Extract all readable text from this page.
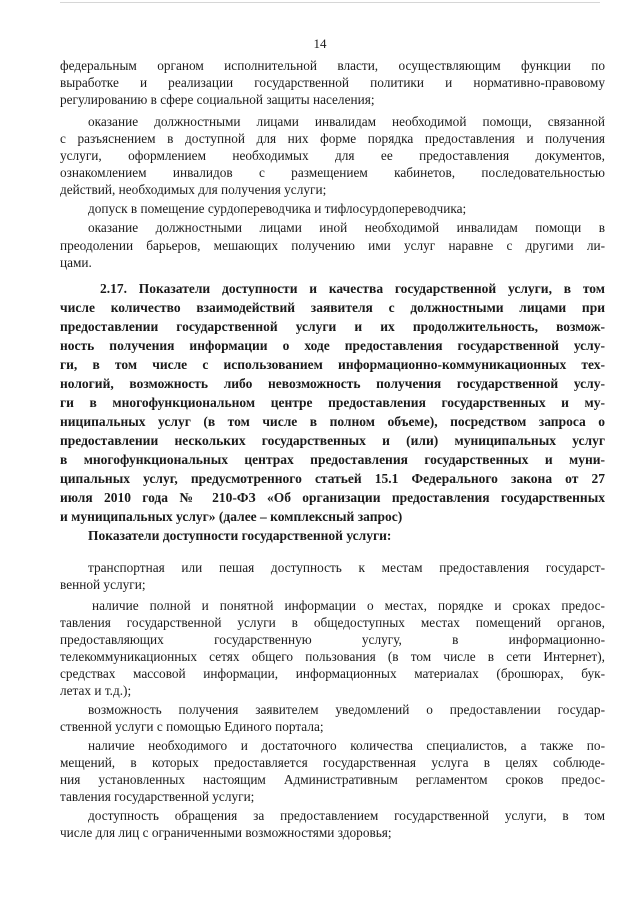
14
федеральным органом исполнительной власти, осуществляющим функции по
выработке и реализации государственной политики и нормативно-правовому
регулированию в сфере социальной защиты населения;
оказание должностными лицами инвалидам необходимой помощи, связанной
с разъяснением в доступной для них форме порядка предоставления и получения
услуги, оформлением необходимых для ее предоставления документов,
ознакомлением инвалидов с размещением кабинетов, последовательностью
действий, необходимых для получения услуги;
допуск в помещение сурдопереводчика и тифлосурдопереводчика;
оказание должностными лицами иной необходимой инвалидам помощи в
преодолении барьеров, мешающих получению ими услуг наравне с другими ли-
цами.
2.17. Показатели доступности и качества государственной услуги, в том
числе количество взаимодействий заявителя с должностными лицами при
предоставлении государственной услуги и их продолжительность, возмож-
ность получения информации о ходе предоставления государственной услу-
ги, в том числе с использованием информационно-коммуникационных тех-
нологий, возможность либо невозможность получения государственной услу-
ги в многофункциональном центре предоставления государственных и му-
ниципальных услуг (в том числе в полном объеме), посредством запроса о
предоставлении нескольких государственных и (или) муниципальных услуг
в многофункциональных центрах предоставления государственных и муни-
ципальных услуг, предусмотренного статьей 15.1 Федерального закона от 27
июля 2010 года № 210-ФЗ «Об организации предоставления государственных
и муниципальных услуг» (далее – комплексный запрос)
Показатели доступности государственной услуги:
транспортная или пешая доступность к местам предоставления государст-
венной услуги;
наличие полной и понятной информации о местах, порядке и сроках предос-
тавления государственной услуги в общедоступных местах помещений органов,
предоставляющих государственную услугу, в информационно-
телекоммуникационных сетях общего пользования (в том числе в сети Интернет),
средствах массовой информации, информационных материалах (брошюрах, бук-
летах и т.д.);
возможность получения заявителем уведомлений о предоставлении государ-
ственной услуги с помощью Единого портала;
наличие необходимого и достаточного количества специалистов, а также по-
мещений, в которых предоставляется государственная услуга в целях соблюде-
ния установленных настоящим Административным регламентом сроков предос-
тавления государственной услуги;
доступность обращения за предоставлением государственной услуги, в том
числе для лиц с ограниченными возможностями здоровья;
